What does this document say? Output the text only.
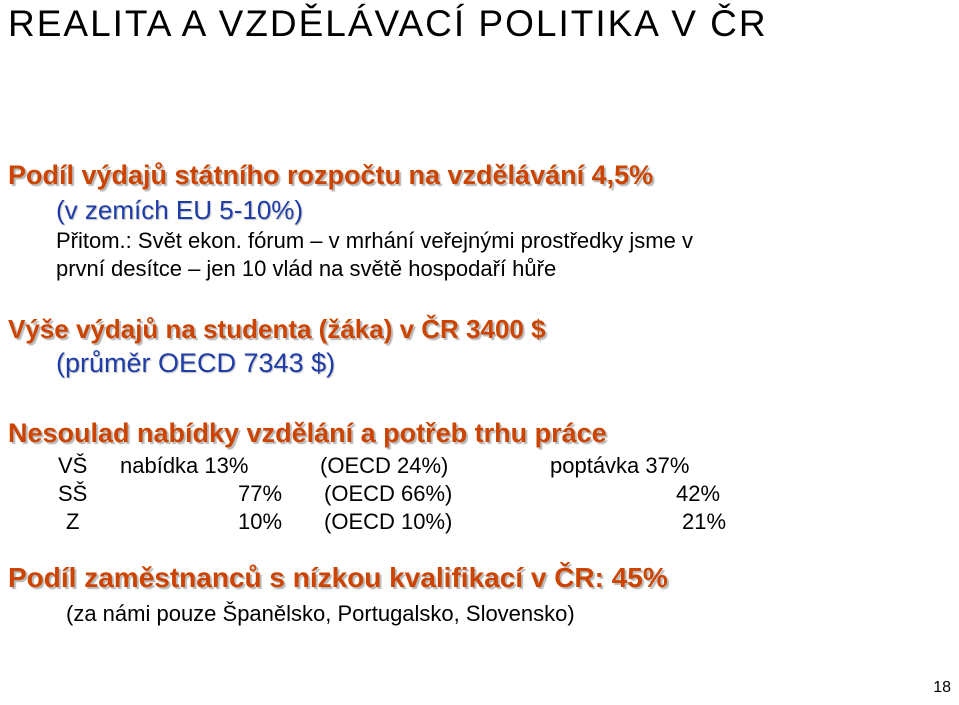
REALITA A VZDĚLÁVACÍ POLITIKA V ČR
Podíl výdajů státního rozpočtu na vzdělávání 4,5%
(v zemích EU 5-10%)
Přitom.: Svět ekon. fórum – v mrhání veřejnými prostředky jsme v
první desítce – jen 10 vlád na světě hospodaří hůře
Výše výdajů na studenta (žáka) v ČR 3400 $
(průměr OECD 7343 $)
Nesoulad nabídky vzdělání a potřeb trhu práce
VŠ nabídka 13%	(OECD 24%)	poptávka 37%
SŠ	77% (OECD 66%)	42%
Z	10% (OECD 10%)	21%
Podíl zaměstnanců s nízkou kvalifikací v ČR: 45%
(za námi pouze Španělsko, Portugalsko, Slovensko)
18
